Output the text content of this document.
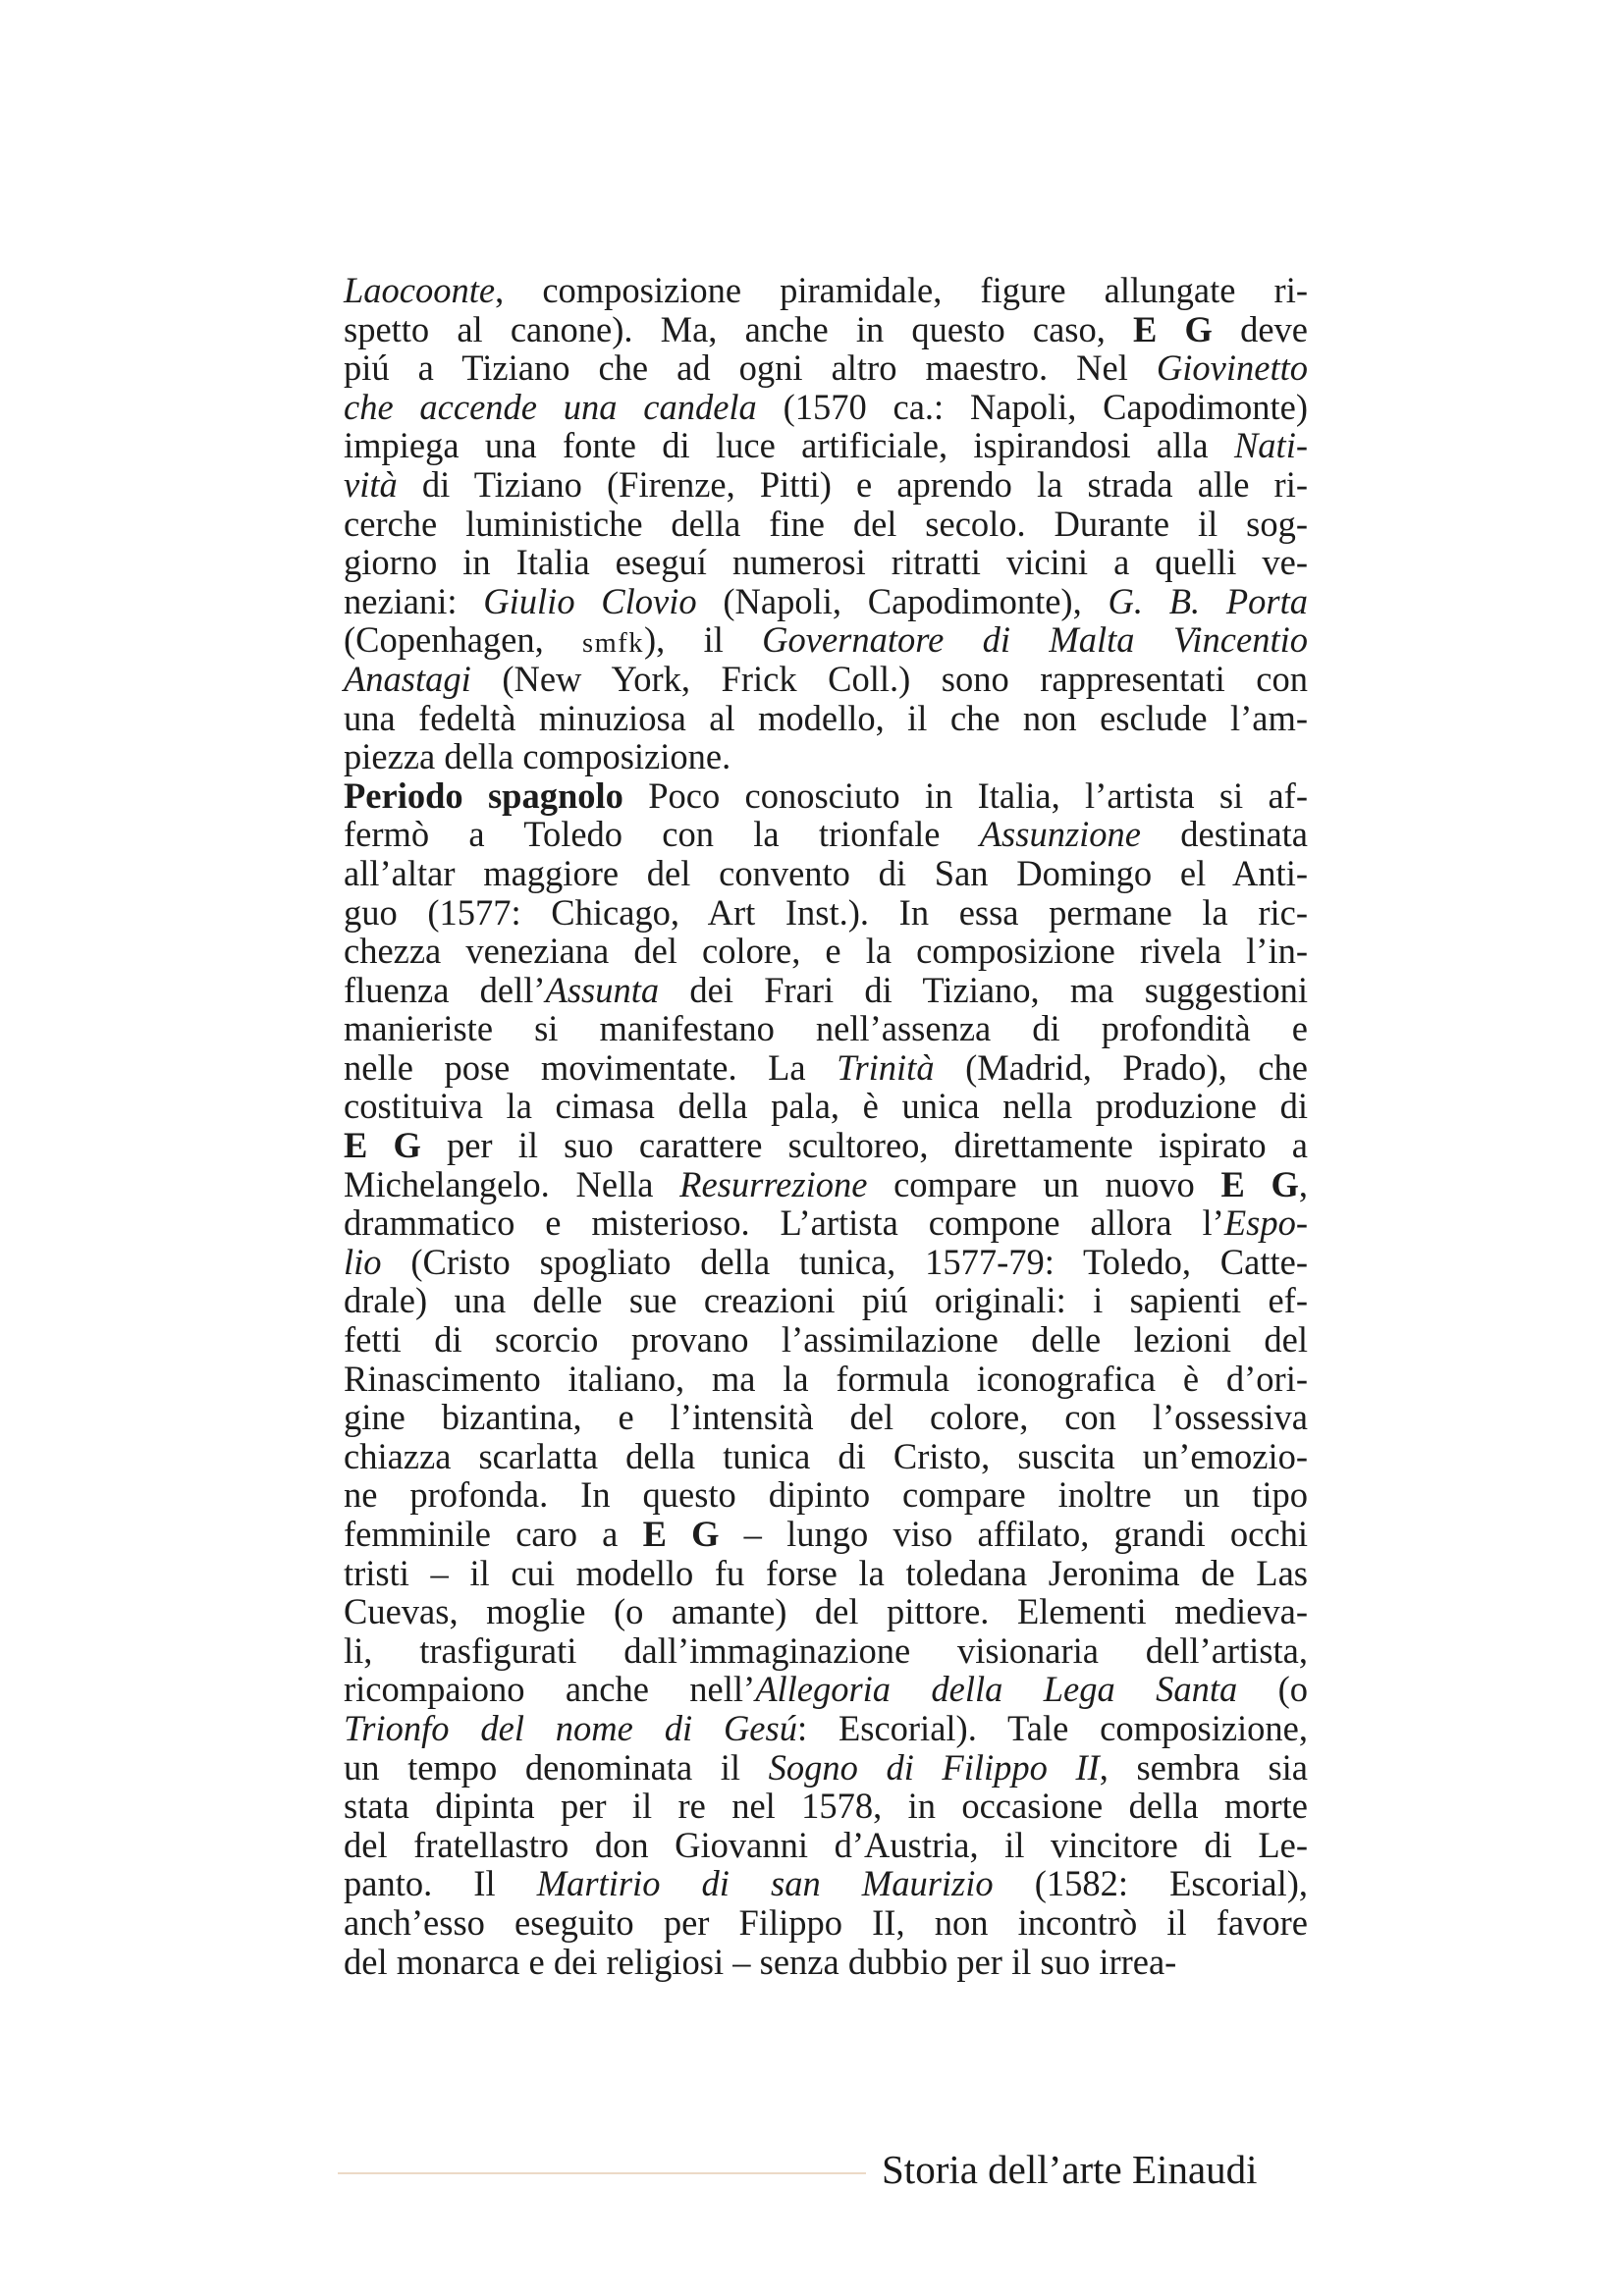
Laocoonte, composizione piramidale, figure allungate ri-
spetto al canone). Ma, anche in questo caso, E G deve
piú a Tiziano che ad ogni altro maestro. Nel Giovinetto
che accende una candela (1570 ca.: Napoli, Capodimonte)
impiega una fonte di luce artificiale, ispirandosi alla Nati-
vità di Tiziano (Firenze, Pitti) e aprendo la strada alle ri-
cerche luministiche della fine del secolo. Durante il sog-
giorno in Italia eseguí numerosi ritratti vicini a quelli ve-
neziani: Giulio Clovio (Napoli, Capodimonte), G. B. Porta
(Copenhagen, smfk), il Governatore di Malta Vincentio
Anastagi (New York, Frick Coll.) sono rappresentati con
una fedeltà minuziosa al modello, il che non esclude l’am-
piezza della composizione.
Periodo spagnolo Poco conosciuto in Italia, l’artista si af-
fermò a Toledo con la trionfale Assunzione destinata
all’altar maggiore del convento di San Domingo el Anti-
guo (1577: Chicago, Art Inst.). In essa permane la ric-
chezza veneziana del colore, e la composizione rivela l’in-
fluenza dell’Assunta dei Frari di Tiziano, ma suggestioni
manieriste si manifestano nell’assenza di profondità e
nelle pose movimentate. La Trinità (Madrid, Prado), che
costituiva la cimasa della pala, è unica nella produzione di
E G per il suo carattere scultoreo, direttamente ispirato a
Michelangelo. Nella Resurrezione compare un nuovo E G,
drammatico e misterioso. L’artista compone allora l’Espo-
lio (Cristo spogliato della tunica, 1577-79: Toledo, Catte-
drale) una delle sue creazioni piú originali: i sapienti ef-
fetti di scorcio provano l’assimilazione delle lezioni del
Rinascimento italiano, ma la formula iconografica è d’ori-
gine bizantina, e l’intensità del colore, con l’ossessiva
chiazza scarlatta della tunica di Cristo, suscita un’emozio-
ne profonda. In questo dipinto compare inoltre un tipo
femminile caro a E G – lungo viso affilato, grandi occhi
tristi – il cui modello fu forse la toledana Jeronima de Las
Cuevas, moglie (o amante) del pittore. Elementi medieva-
li, trasfigurati dall’immaginazione visionaria dell’artista,
ricompaiono anche nell’Allegoria della Lega Santa (o
Trionfo del nome di Gesú: Escorial). Tale composizione,
un tempo denominata il Sogno di Filippo II, sembra sia
stata dipinta per il re nel 1578, in occasione della morte
del fratellastro don Giovanni d’Austria, il vincitore di Le-
panto. Il Martirio di san Maurizio (1582: Escorial),
anch’esso eseguito per Filippo II, non incontrò il favore
del monarca e dei religiosi – senza dubbio per il suo irrea-
Storia dell’arte Einaudi
